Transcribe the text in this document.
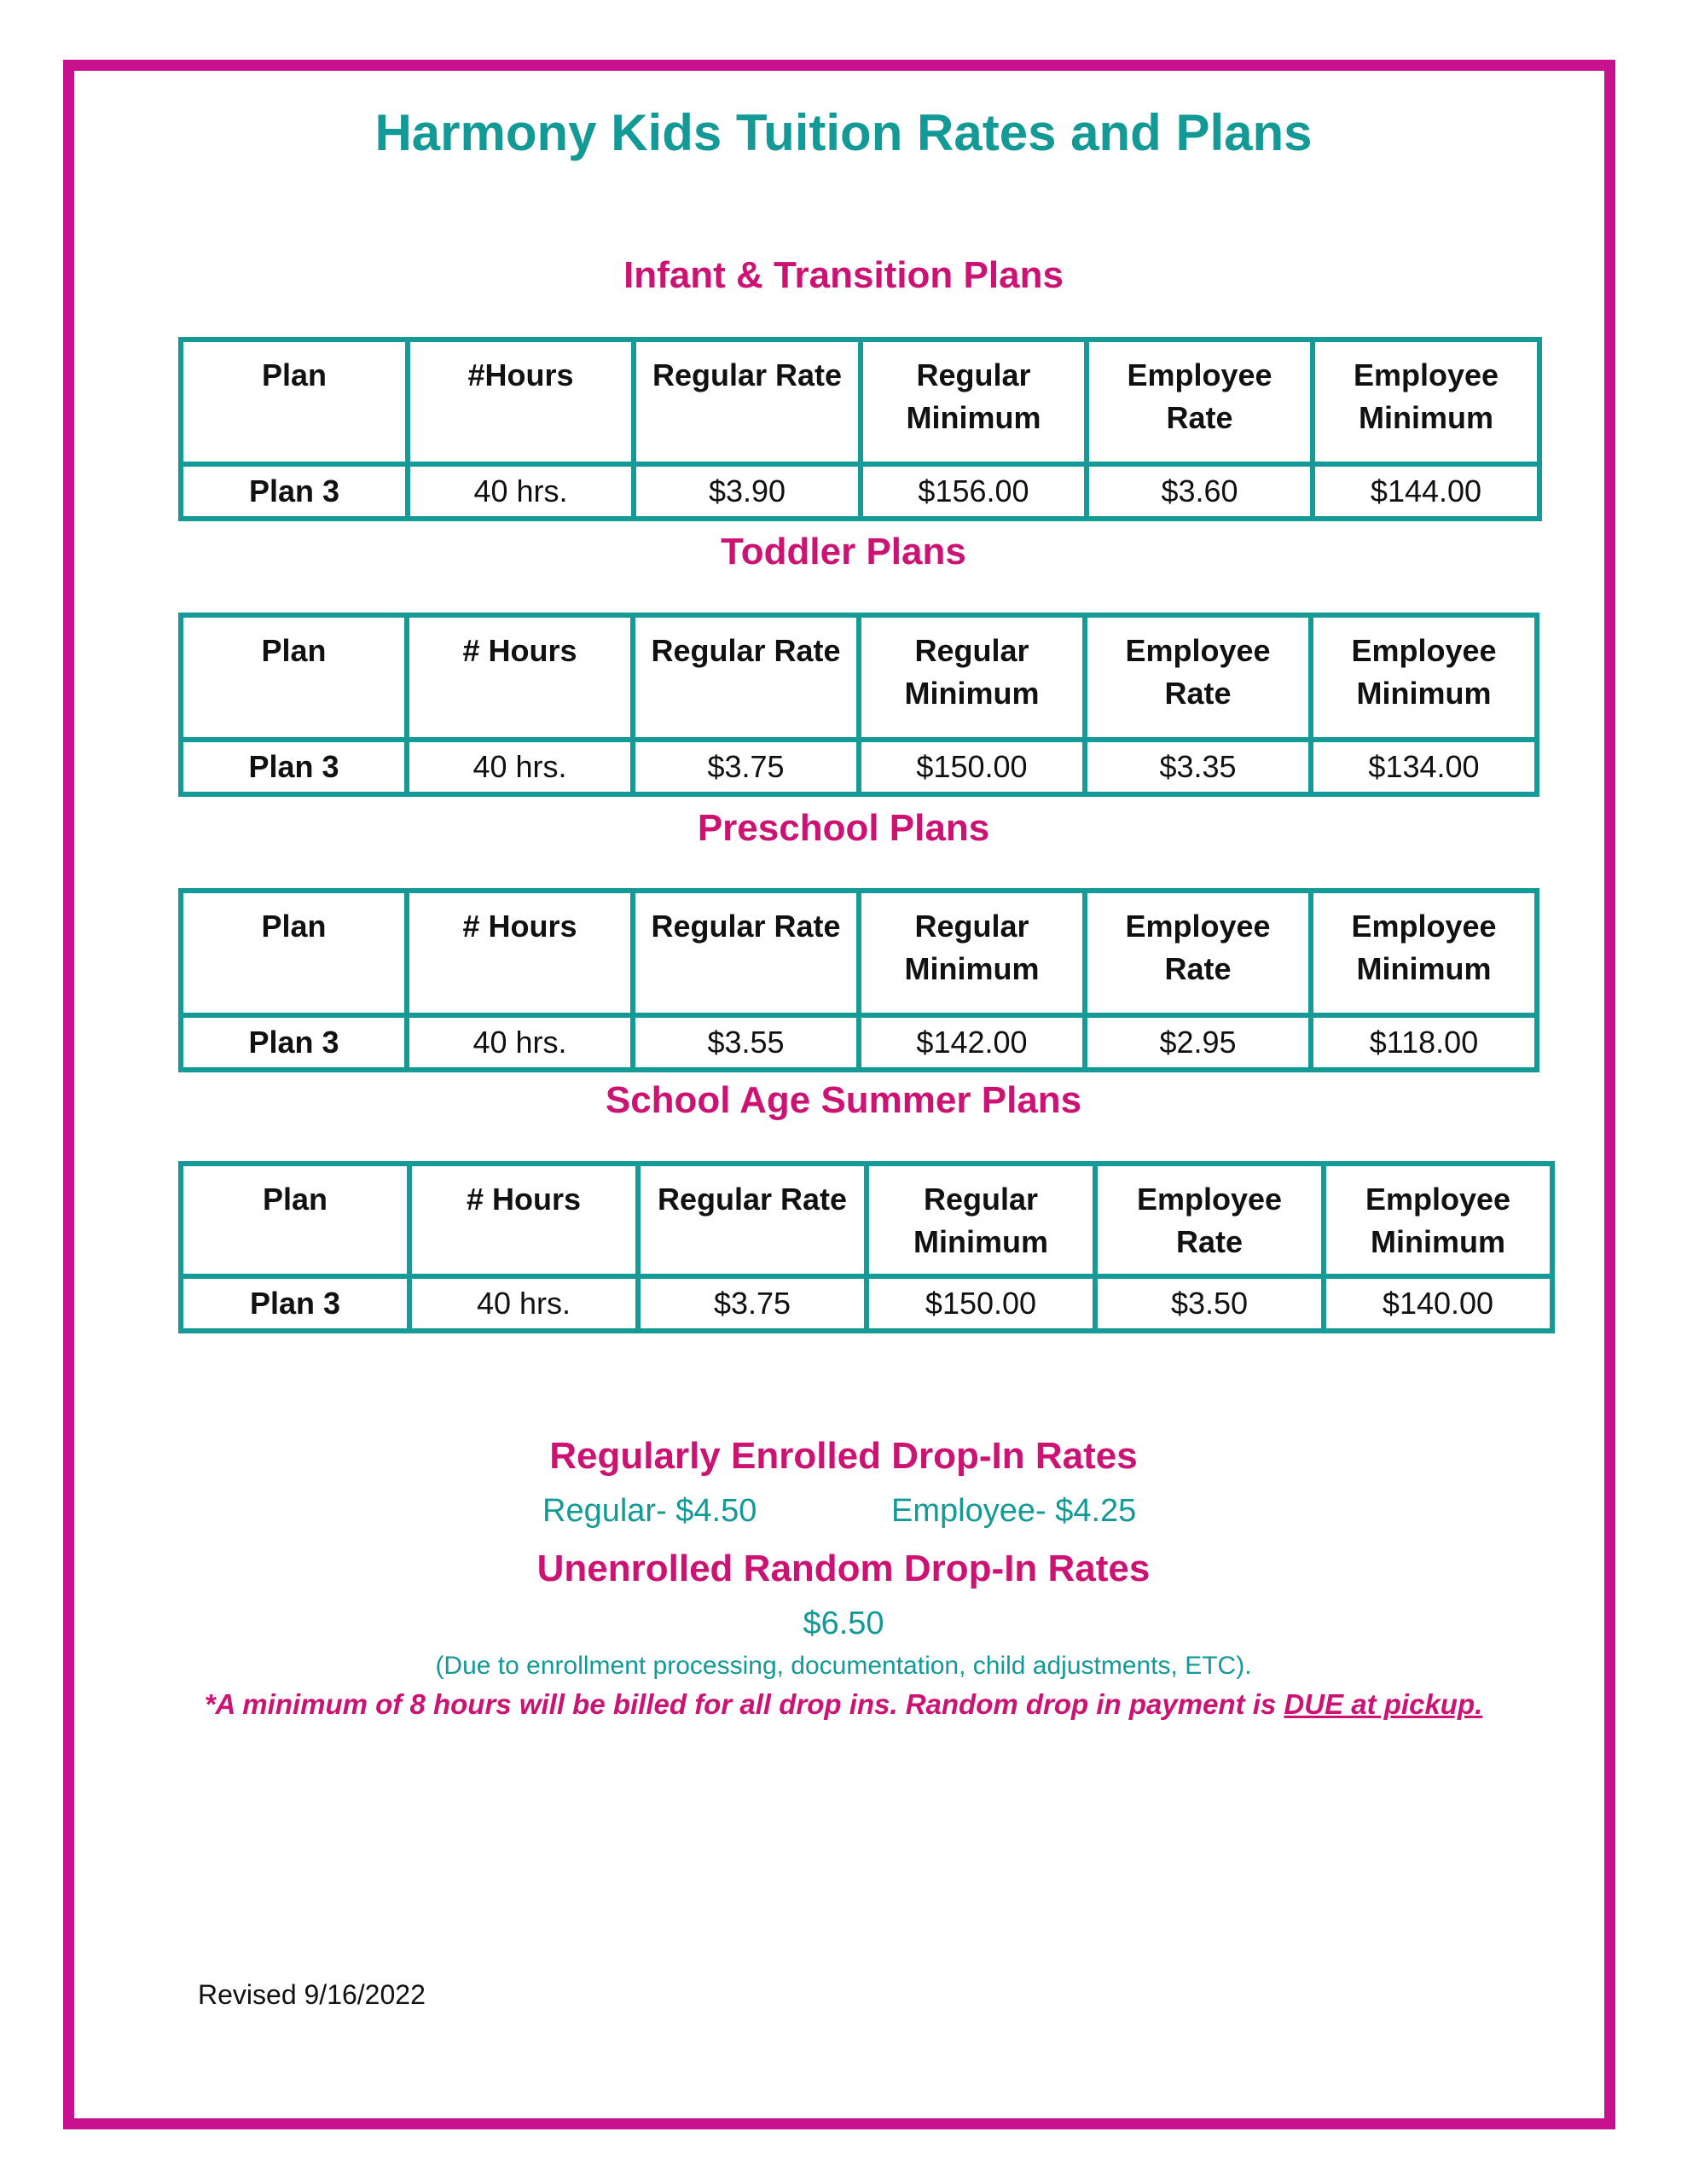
Harmony Kids Tuition Rates and Plans
Infant & Transition Plans
Plan	#Hours	Regular Rate	Regular Minimum	Employee Rate	Employee Minimum
Plan 3	40 hrs.	$3.90	$156.00	$3.60	$144.00
Toddler Plans
Plan	# Hours	Regular Rate	Regular Minimum	Employee Rate	Employee Minimum
Plan 3	40 hrs.	$3.75	$150.00	$3.35	$134.00
Preschool Plans
Plan	# Hours	Regular Rate	Regular Minimum	Employee Rate	Employee Minimum
Plan 3	40 hrs.	$3.55	$142.00	$2.95	$118.00
School Age Summer Plans
Plan	# Hours	Regular Rate	Regular Minimum	Employee Rate	Employee Minimum
Plan 3	40 hrs.	$3.75	$150.00	$3.50	$140.00
Regularly Enrolled Drop-In Rates

Regular- $4.50	Employee- $4.25

Unenrolled Random Drop-In Rates

$6.50

(Due to enrollment processing, documentation, child adjustments, ETC).

*A minimum of 8 hours will be billed for all drop ins. Random drop in payment is DUE at pickup.

Revised 9/16/2022
